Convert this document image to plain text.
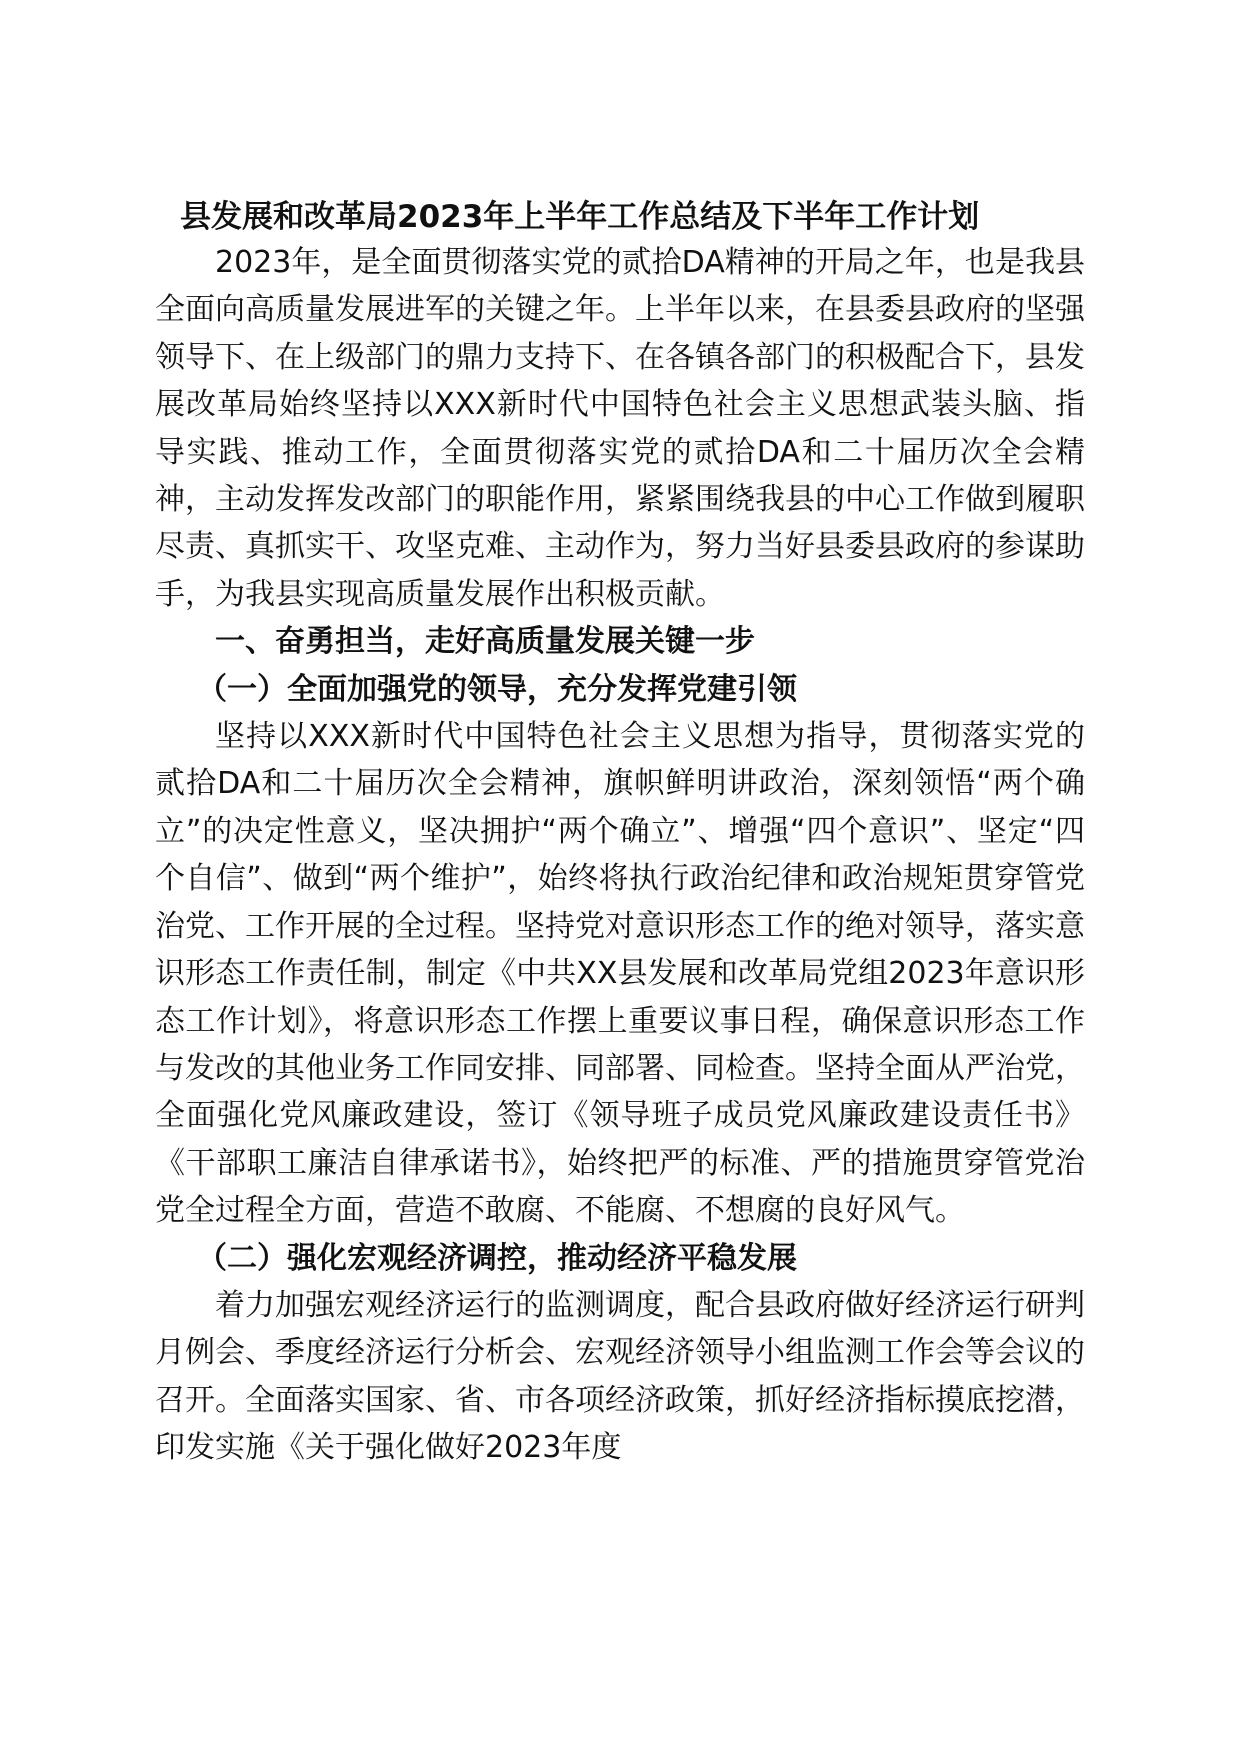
县发展和改革局2023年上半年工作总结及下半年工作计划

2023年，是全面贯彻落实党的贰拾DA精神的开局之年，也是我县全面向高质量发展进军的关键之年。上半年以来，在县委县政府的坚强领导下、在上级部门的鼎力支持下、在各镇各部门的积极配合下，县发展改革局始终坚持以XXX新时代中国特色社会主义思想武装头脑、指导实践、推动工作，全面贯彻落实党的贰拾DA和二十届历次全会精神，主动发挥发改部门的职能作用，紧紧围绕我县的中心工作做到履职尽责、真抓实干、攻坚克难、主动作为，努力当好县委县政府的参谋助手，为我县实现高质量发展作出积极贡献。

一、奋勇担当，走好高质量发展关键一步
（一）全面加强党的领导，充分发挥党建引领

坚持以XXX新时代中国特色社会主义思想为指导，贯彻落实党的贰拾DA和二十届历次全会精神，旗帜鲜明讲政治，深刻领悟“两个确立”的决定性意义，坚决拥护“两个确立”、增强“四个意识”、坚定“四个自信”、做到“两个维护”，始终将执行政治纪律和政治规矩贯穿管党治党、工作开展的全过程。坚持党对意识形态工作的绝对领导，落实意识形态工作责任制，制定《中共XX县发展和改革局党组2023年意识形态工作计划》，将意识形态工作摆上重要议事日程，确保意识形态工作与发改的其他业务工作同安排、同部署、同检查。坚持全面从严治党，全面强化党风廉政建设，签订《领导班子成员党风廉政建设责任书》《干部职工廉洁自律承诺书》，始终把严的标准、严的措施贯穿管党治党全过程全方面，营造不敢腐、不能腐、不想腐的良好风气。

（二）强化宏观经济调控，推动经济平稳发展

着力加强宏观经济运行的监测调度，配合县政府做好经济运行研判月例会、季度经济运行分析会、宏观经济领导小组监测工作会等会议的召开。全面落实国家、省、市各项经济政策，抓好经济指标摸底挖潜，印发实施《关于强化做好2023年度
